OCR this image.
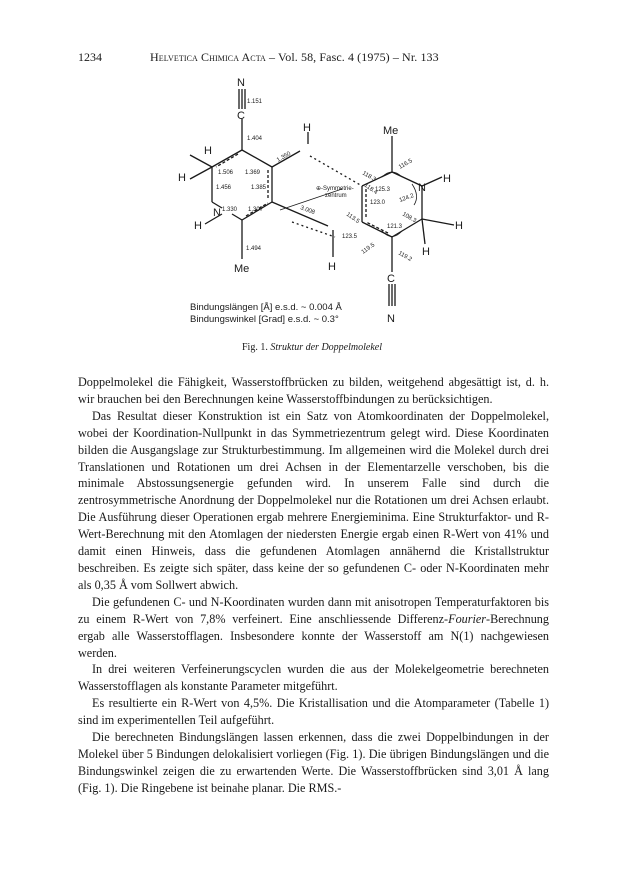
1234	Helvetica Chimica Acta – Vol. 58, Fasc. 4 (1975) – Nr. 133
N
C
H	Me
H
H
N
H
Me	H
N
H
H
H
C
N
1.151
1.404
1.506 1.369
1.456	1.385
1.330 1.307
1.494
1.350
3.008
125.3
123.0
121.3
123.5
118.3
116.5
118.4
124.2
113.5	108.3
119.5
119.2
⊕-Symmetrie-
zentrum
Bindungslängen [Å] e.s.d. ~ 0.004 Å
Bindungswinkel [Grad] e.s.d. ~ 0.3°
Fig. 1. Struktur der Doppelmolekel

Doppelmolekel die Fähigkeit, Wasserstoffbrücken zu bilden, weitgehend abgesättigt ist, d. h. wir brauchen bei den Berechnungen keine Wasserstoffbindungen zu berücksichtigen.

Das Resultat dieser Konstruktion ist ein Satz von Atomkoordinaten der Doppelmolekel, wobei der Koordination-Nullpunkt in das Symmetriezentrum gelegt wird. Diese Koordinaten bilden die Ausgangslage zur Strukturbestimmung. Im allgemeinen wird die Molekel durch drei Translationen und Rotationen um drei Achsen in der Elementarzelle verschoben, bis die minimale Abstossungsenergie gefunden wird. In unserem Falle sind durch die zentrosymmetrische Anordnung der Doppelmolekel nur die Rotationen um drei Achsen erlaubt. Die Ausführung dieser Operationen ergab mehrere Energieminima. Eine Strukturfaktor- und R-Wert-Berechnung mit den Atomlagen der niedersten Energie ergab einen R-Wert von 41% und damit einen Hinweis, dass die gefundenen Atomlagen annähernd die Kristallstruktur beschreiben. Es zeigte sich später, dass keine der so gefundenen C- oder N-Koordinaten mehr als 0,35 Å vom Sollwert abwich.

Die gefundenen C- und N-Koordinaten wurden dann mit anisotropen Temperaturfaktoren bis zu einem R-Wert von 7,8% verfeinert. Eine anschliessende Differenz-Fourier-Berechnung ergab alle Wasserstofflagen. Insbesondere konnte der Wasserstoff am N(1) nachgewiesen werden.

In drei weiteren Verfeinerungscyclen wurden die aus der Molekelgeometrie berechneten Wasserstofflagen als konstante Parameter mitgeführt.

Es resultierte ein R-Wert von 4,5%. Die Kristallisation und die Atomparameter (Tabelle 1) sind im experimentellen Teil aufgeführt.

Die berechneten Bindungslängen lassen erkennen, dass die zwei Doppelbindungen in der Molekel über 5 Bindungen delokalisiert vorliegen (Fig. 1). Die übrigen Bindungslängen und die Bindungswinkel zeigen die zu erwartenden Werte. Die Wasserstoffbrücken sind 3,01 Å lang (Fig. 1). Die Ringebene ist beinahe planar. Die RMS.-
